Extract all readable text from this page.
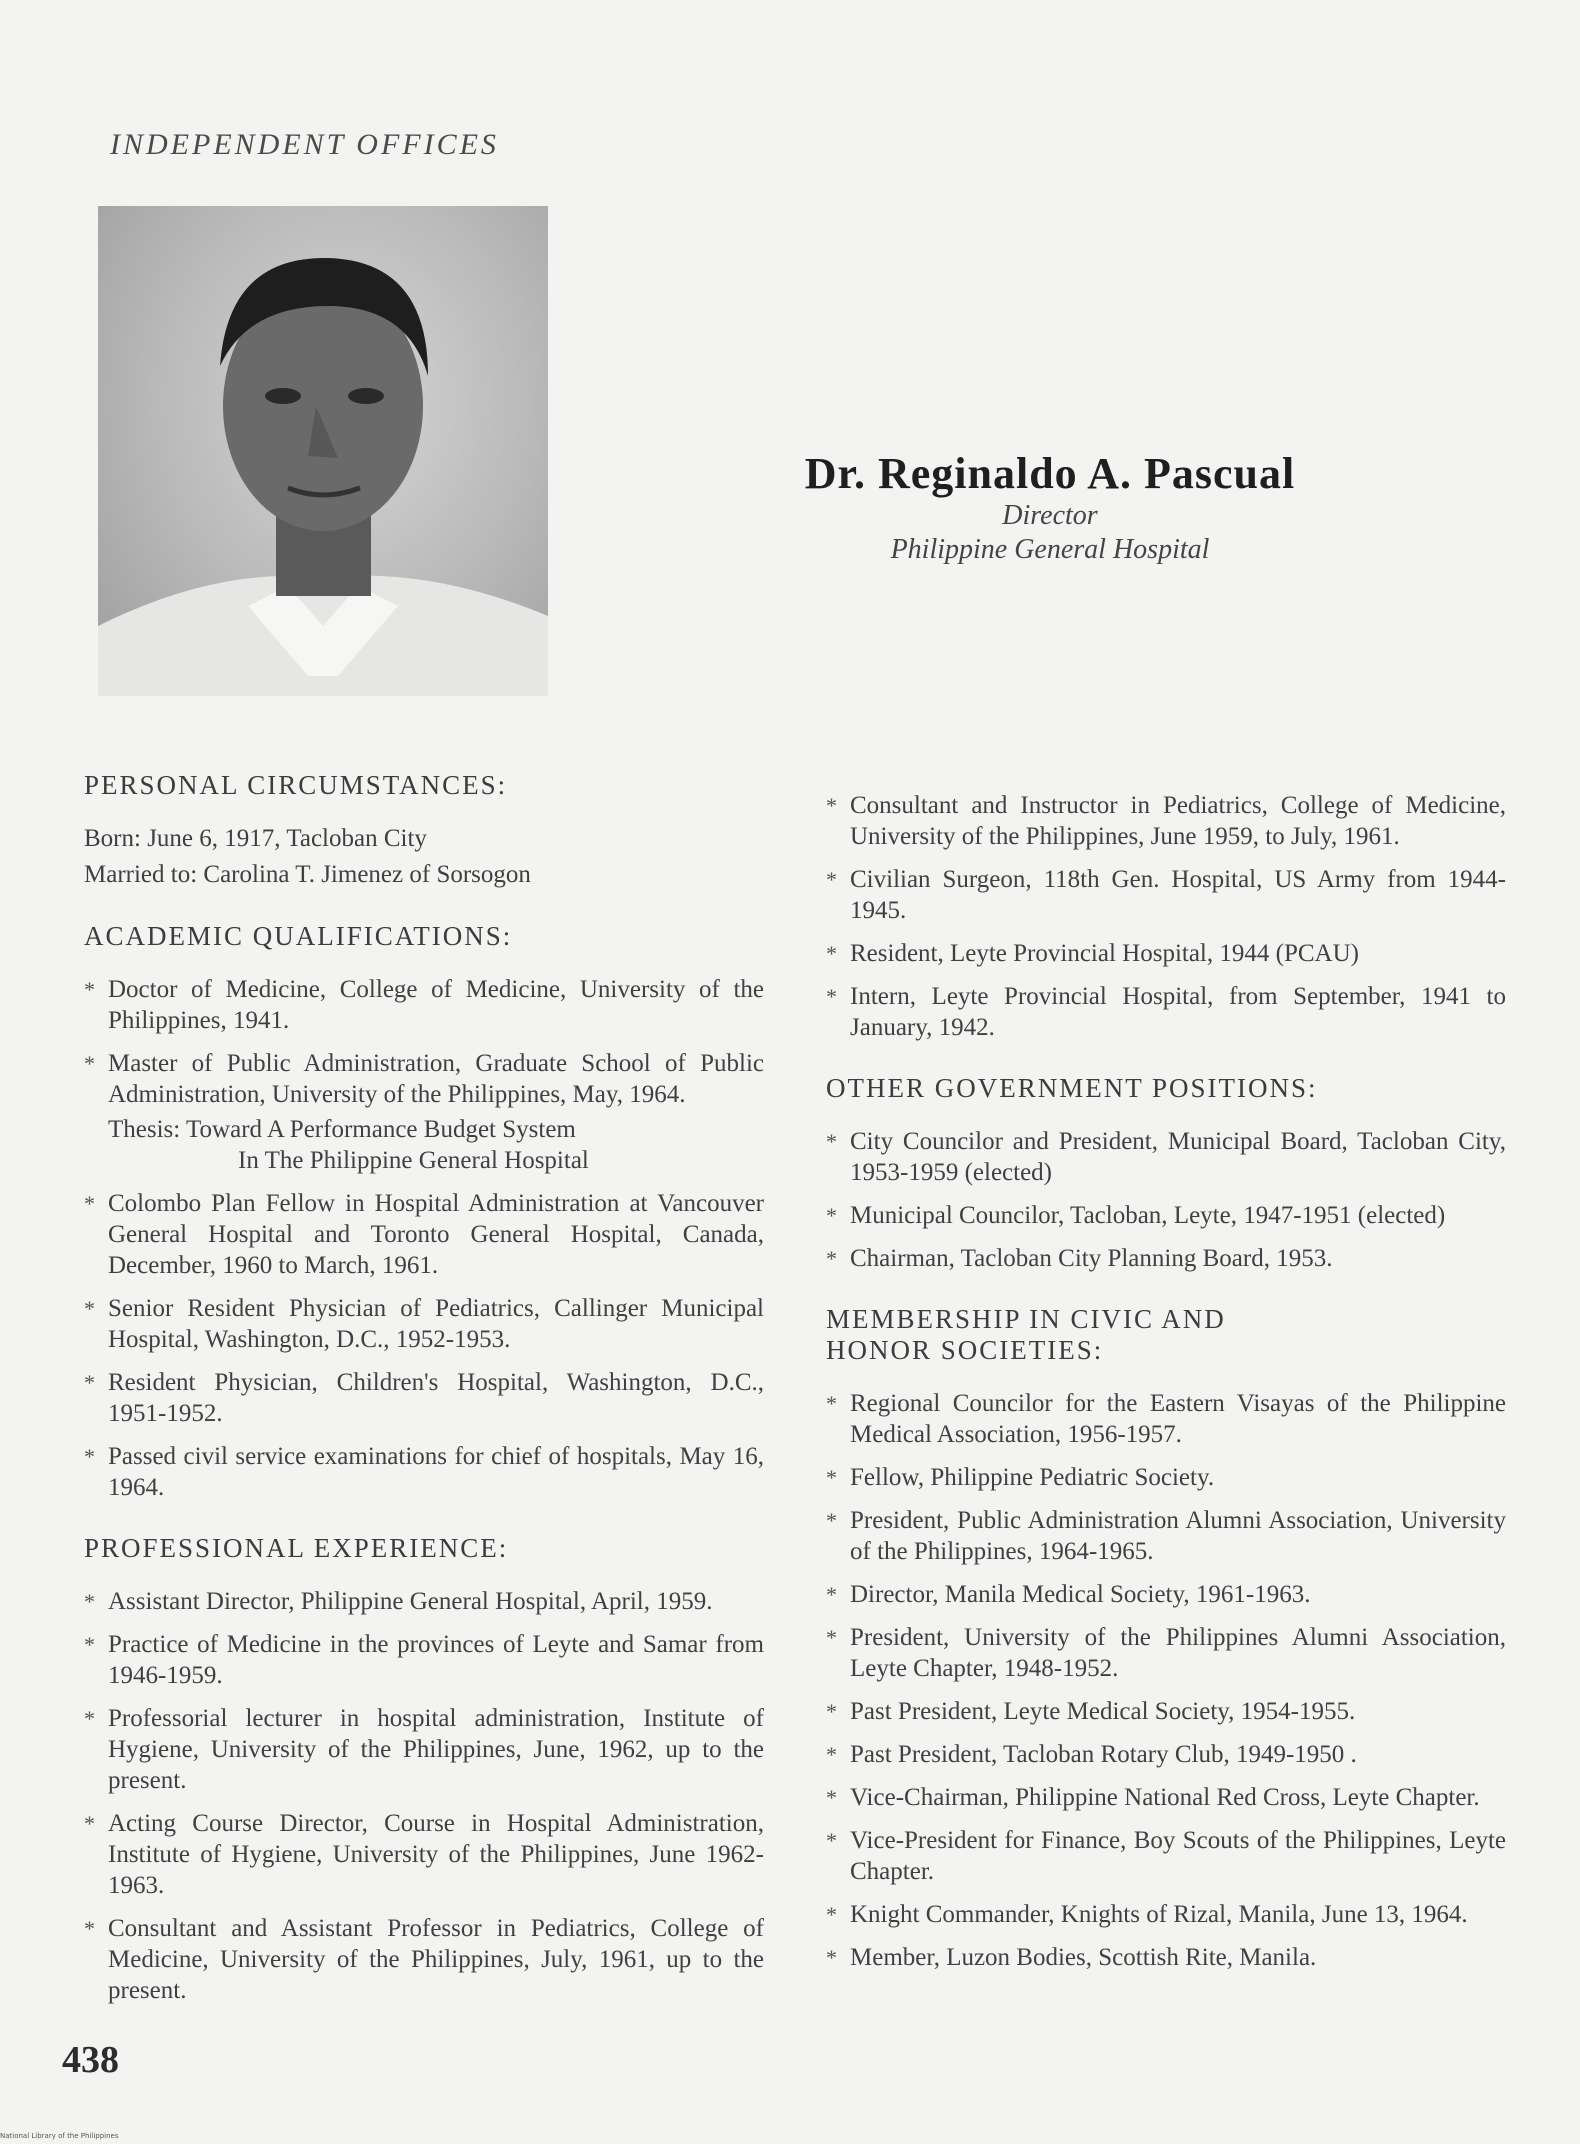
INDEPENDENT OFFICES
Dr. Reginaldo A. Pascual
Director
Philippine General Hospital
PERSONAL CIRCUMSTANCES:

Born: June 6, 1917, Tacloban City

Married to: Carolina T. Jimenez of Sorsogon

ACADEMIC QUALIFICATIONS:
* Doctor of Medicine, College of Medicine, University of the Philippines, 1941.
* Master of Public Administration, Graduate School of Public Administration, University of the Philippines, May, 1964.
Thesis: Toward A Performance Budget System
In The Philippine General Hospital
* Colombo Plan Fellow in Hospital Administration at Vancouver General Hospital and Toronto General Hospital, Canada, December, 1960 to March, 1961.
* Senior Resident Physician of Pediatrics, Callinger Municipal Hospital, Washington, D.C., 1952-1953.
* Resident Physician, Children's Hospital, Washington, D.C., 1951-1952.
* Passed civil service examinations for chief of hospitals, May 16, 1964.
PROFESSIONAL EXPERIENCE:
* Assistant Director, Philippine General Hospital, April, 1959.
* Practice of Medicine in the provinces of Leyte and Samar from 1946-1959.
* Professorial lecturer in hospital administration, Institute of Hygiene, University of the Philippines, June, 1962, up to the present.
* Acting Course Director, Course in Hospital Administration, Institute of Hygiene, University of the Philippines, June 1962-1963.
* Consultant and Assistant Professor in Pediatrics, College of Medicine, University of the Philippines, July, 1961, up to the present.
* Consultant and Instructor in Pediatrics, College of Medicine, University of the Philippines, June 1959, to July, 1961.
* Civilian Surgeon, 118th Gen. Hospital, US Army from 1944-1945.
* Resident, Leyte Provincial Hospital, 1944 (PCAU)
* Intern, Leyte Provincial Hospital, from September, 1941 to January, 1942.
OTHER GOVERNMENT POSITIONS:
* City Councilor and President, Municipal Board, Tacloban City, 1953-1959 (elected)
* Municipal Councilor, Tacloban, Leyte, 1947-1951 (elected)
* Chairman, Tacloban City Planning Board, 1953.
MEMBERSHIP IN CIVIC AND
HONOR SOCIETIES:
* Regional Councilor for the Eastern Visayas of the Philippine Medical Association, 1956-1957.
* Fellow, Philippine Pediatric Society.
* President, Public Administration Alumni Association, University of the Philippines, 1964-1965.
* Director, Manila Medical Society, 1961-1963.
* President, University of the Philippines Alumni Association, Leyte Chapter, 1948-1952.
* Past President, Leyte Medical Society, 1954-1955.
* Past President, Tacloban Rotary Club, 1949-1950 .
* Vice-Chairman, Philippine National Red Cross, Leyte Chapter.
* Vice-President for Finance, Boy Scouts of the Philippines, Leyte Chapter.
* Knight Commander, Knights of Rizal, Manila, June 13, 1964.
* Member, Luzon Bodies, Scottish Rite, Manila.
438
National Library of the Philippines
